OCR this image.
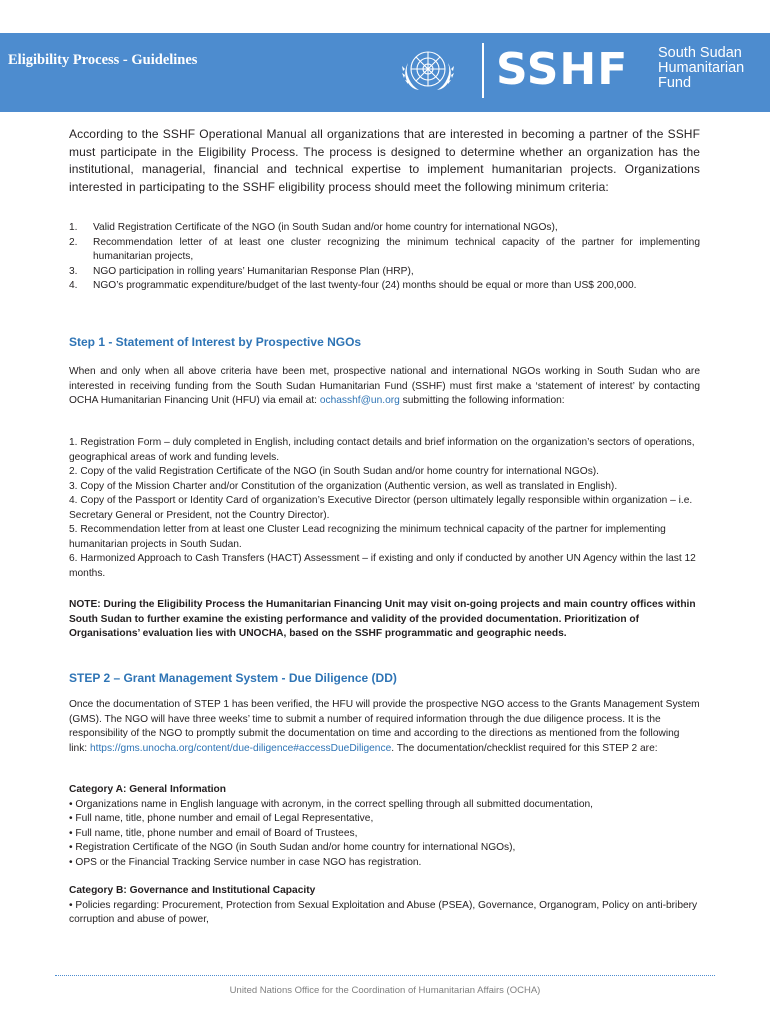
Eligibility Process - Guidelines	SSHF South Sudan
Humanitarian
Fund
According to the SSHF Operational Manual all organizations that are interested in becoming a partner of the SSHF must participate in the Eligibility Process. The process is designed to determine whether an organization has the institutional, managerial, financial and technical expertise to implement humanitarian projects. Organizations interested in participating to the SSHF eligibility process should meet the following minimum criteria:
1. Valid Registration Certificate of the NGO (in South Sudan and/or home country for international NGOs),
2. Recommendation letter of at least one cluster recognizing the minimum technical capacity of the partner for implementing humanitarian projects,
3. NGO participation in rolling years’ Humanitarian Response Plan (HRP),
4. NGO’s programmatic expenditure/budget of the last twenty-four (24) months should be equal or more than US$ 200,000.
Step 1 - Statement of Interest by Prospective NGOs
When and only when all above criteria have been met, prospective national and international NGOs working in South Sudan who are interested in receiving funding from the South Sudan Humanitarian Fund (SSHF) must first make a ‘statement of interest’ by contacting OCHA Humanitarian Financing Unit (HFU) via email at: ochasshf@un.org submitting the following information:
1. Registration Form – duly completed in English, including contact details and brief information on the organization’s sectors of operations, geographical areas of work and funding levels.
2. Copy of the valid Registration Certificate of the NGO (in South Sudan and/or home country for international NGOs).
3. Copy of the Mission Charter and/or Constitution of the organization (Authentic version, as well as translated in English).
4. Copy of the Passport or Identity Card of organization’s Executive Director (person ultimately legally responsible within organization – i.e. Secretary General or President, not the Country Director).
5. Recommendation letter from at least one Cluster Lead recognizing the minimum technical capacity of the partner for implementing humanitarian projects in South Sudan.
6. Harmonized Approach to Cash Transfers (HACT) Assessment – if existing and only if conducted by another UN Agency within the last 12 months.
NOTE: During the Eligibility Process the Humanitarian Financing Unit may visit on-going projects and main country offices within South Sudan to further examine the existing performance and validity of the provided documentation. Prioritization of Organisations’ evaluation lies with UNOCHA, based on the SSHF programmatic and geographic needs.
STEP 2 – Grant Management System - Due Diligence (DD)
Once the documentation of STEP 1 has been verified, the HFU will provide the prospective NGO access to the Grants Management System (GMS). The NGO will have three weeks’ time to submit a number of required information through the due diligence process. It is the responsibility of the NGO to promptly submit the documentation on time and according to the directions as mentioned from the following link: https://gms.unocha.org/content/due-diligence#accessDueDiligence. The documentation/checklist required for this STEP 2 are:
Category A: General Information
• Organizations name in English language with acronym, in the correct spelling through all submitted documentation,
• Full name, title, phone number and email of Legal Representative,
• Full name, title, phone number and email of Board of Trustees,
• Registration Certificate of the NGO (in South Sudan and/or home country for international NGOs),
• OPS or the Financial Tracking Service number in case NGO has registration.
Category B: Governance and Institutional Capacity
• Policies regarding: Procurement, Protection from Sexual Exploitation and Abuse (PSEA), Governance, Organogram, Policy on anti-bribery corruption and abuse of power,
United Nations Office for the Coordination of Humanitarian Affairs (OCHA)
